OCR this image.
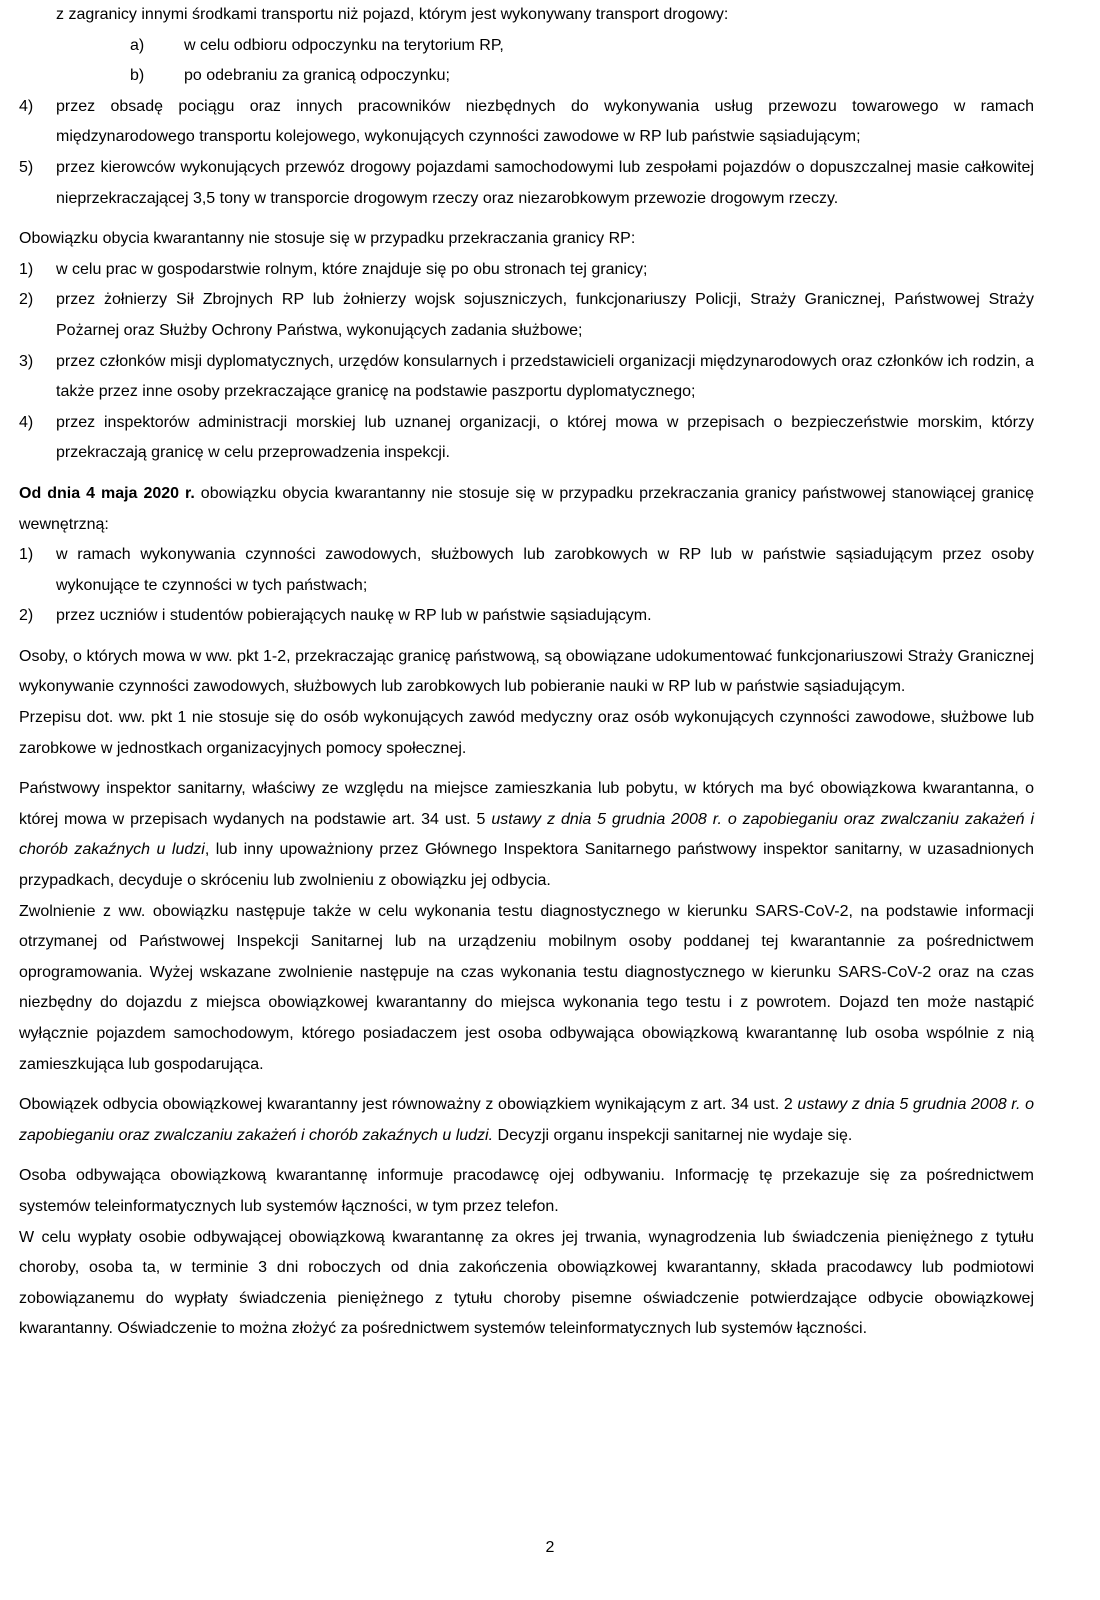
z zagranicy innymi środkami transportu niż pojazd, którym jest wykonywany transport drogowy:
a) w celu odbioru odpoczynku na terytorium RP,
b) po odebraniu za granicą odpoczynku;
4)	przez obsadę pociągu oraz innych pracowników niezbędnych do wykonywania usług przewozu towarowego w ramach międzynarodowego transportu kolejowego, wykonujących czynności zawodowe w RP lub państwie sąsiadującym;
5)	przez kierowców wykonujących przewóz drogowy pojazdami samochodowymi lub zespołami pojazdów o dopuszczalnej masie całkowitej nieprzekraczającej 3,5 tony w transporcie drogowym rzeczy oraz niezarobkowym przewozie drogowym rzeczy.

Obowiązku obycia kwarantanny nie stosuje się w przypadku przekraczania granicy RP:

1)	w celu prac w gospodarstwie rolnym, które znajduje się po obu stronach tej granicy;
2)	przez żołnierzy Sił Zbrojnych RP lub żołnierzy wojsk sojuszniczych, funkcjonariuszy Policji, Straży Granicznej, Państwowej Straży Pożarnej oraz Służby Ochrony Państwa, wykonujących zadania służbowe;
3)	przez członków misji dyplomatycznych, urzędów konsularnych i przedstawicieli organizacji międzynarodowych oraz członków ich rodzin, a także przez inne osoby przekraczające granicę na podstawie paszportu dyplomatycznego;
4)	przez inspektorów administracji morskiej lub uznanej organizacji, o której mowa w przepisach o bezpieczeństwie morskim, którzy przekraczają granicę w celu przeprowadzenia inspekcji.

Od dnia 4 maja 2020 r. obowiązku obycia kwarantanny nie stosuje się w przypadku przekraczania granicy państwowej stanowiącej granicę wewnętrzną:

1)	w ramach wykonywania czynności zawodowych, służbowych lub zarobkowych w RP lub w państwie sąsiadującym przez osoby wykonujące te czynności w tych państwach;
2)	przez uczniów i studentów pobierających naukę w RP lub w państwie sąsiadującym.

Osoby, o których mowa w ww. pkt 1-2, przekraczając granicę państwową, są obowiązane udokumentować funkcjonariuszowi Straży Granicznej wykonywanie czynności zawodowych, służbowych lub zarobkowych lub pobieranie nauki w RP lub w państwie sąsiadującym.

Przepisu dot. ww. pkt 1 nie stosuje się do osób wykonujących zawód medyczny oraz osób wykonujących czynności zawodowe, służbowe lub zarobkowe w jednostkach organizacyjnych pomocy społecznej.

Państwowy inspektor sanitarny, właściwy ze względu na miejsce zamieszkania lub pobytu, w których ma być obowiązkowa kwarantanna, o której mowa w przepisach wydanych na podstawie art. 34 ust. 5 ustawy z dnia 5 grudnia 2008 r. o zapobieganiu oraz zwalczaniu zakażeń i chorób zakaźnych u ludzi, lub inny upoważniony przez Głównego Inspektora Sanitarnego państwowy inspektor sanitarny, w uzasadnionych przypadkach, decyduje o skróceniu lub zwolnieniu z obowiązku jej odbycia.

Zwolnienie z ww. obowiązku następuje także w celu wykonania testu diagnostycznego w kierunku SARS-CoV-2, na podstawie informacji otrzymanej od Państwowej Inspekcji Sanitarnej lub na urządzeniu mobilnym osoby poddanej tej kwarantannie za pośrednictwem oprogramowania. Wyżej wskazane zwolnienie następuje na czas wykonania testu diagnostycznego w kierunku SARS-CoV-2 oraz na czas niezbędny do dojazdu z miejsca obowiązkowej kwarantanny do miejsca wykonania tego testu i z powrotem. Dojazd ten może nastąpić wyłącznie pojazdem samochodowym, którego posiadaczem jest osoba odbywająca obowiązkową kwarantannę lub osoba wspólnie z nią zamieszkująca lub gospodarująca.

Obowiązek odbycia obowiązkowej kwarantanny jest równoważny z obowiązkiem wynikającym z art. 34 ust. 2 ustawy z dnia 5 grudnia 2008 r. o zapobieganiu oraz zwalczaniu zakażeń i chorób zakaźnych u ludzi. Decyzji organu inspekcji sanitarnej nie wydaje się.

Osoba odbywająca obowiązkową kwarantannę informuje pracodawcę ojej odbywaniu. Informację tę przekazuje się za pośrednictwem systemów teleinformatycznych lub systemów łączności, w tym przez telefon.

W celu wypłaty osobie odbywającej obowiązkową kwarantannę za okres jej trwania, wynagrodzenia lub świadczenia pieniężnego z tytułu choroby, osoba ta, w terminie 3 dni roboczych od dnia zakończenia obowiązkowej kwarantanny, składa pracodawcy lub podmiotowi zobowiązanemu do wypłaty świadczenia pieniężnego z tytułu choroby pisemne oświadczenie potwierdzające odbycie obowiązkowej kwarantanny. Oświadczenie to można złożyć za pośrednictwem systemów teleinformatycznych lub systemów łączności.

2
